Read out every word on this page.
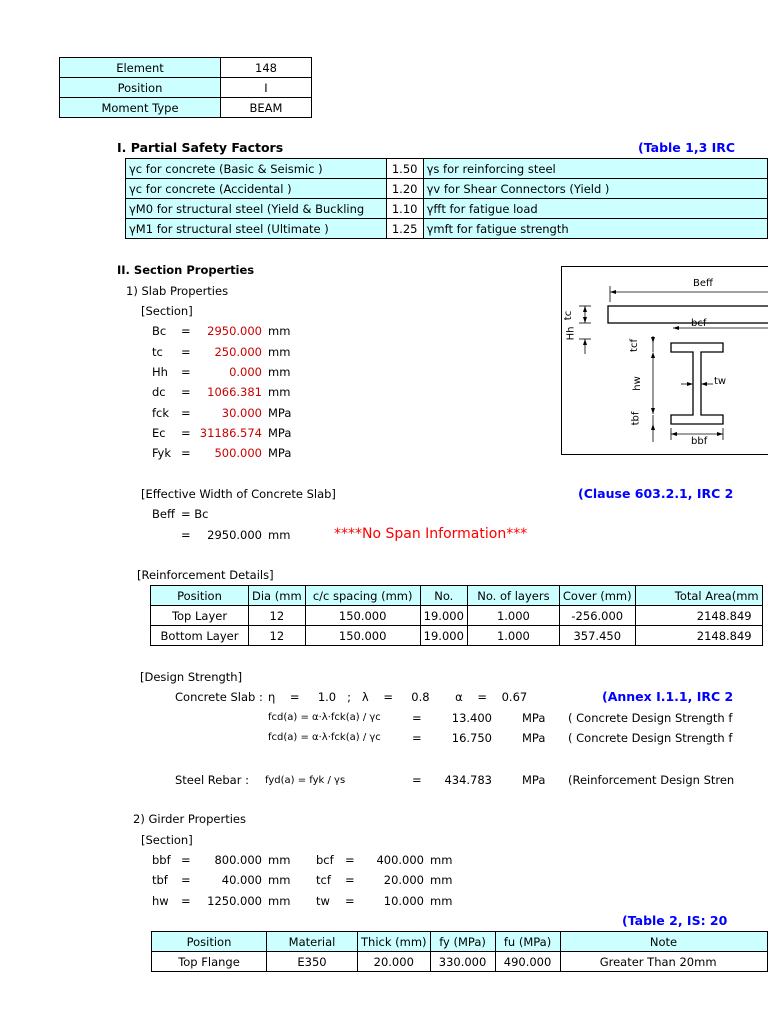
Element	148
Position	I
Moment Type	BEAM
I. Partial Safety Factors	(Table 1,3 IRC
γc for concrete (Basic & Seismic )	1.50	γs for reinforcing steel
γc for concrete (Accidental )	1.20	γv for Shear Connectors (Yield )
γM0 for structural steel (Yield & Buckling	1.10	γfft for fatigue load
γM1 for structural steel (Ultimate )	1.25	γmft for fatigue strength
II. Section Properties
1) Slab Properties
[Section]
Bc =	2950.000 mm
tc =	250.000 mm
Hh =	0.000 mm
dc =	1066.381 mm
fck =	30.000 MPa
Ec = 31186.574 MPa
Fyk =	500.000 MPa
Beff
bcf
tcf
hw
tbf
tw
bbf
tc
Hh
[Effective Width of Concrete Slab]	(Clause 603.2.1, IRC 2
Beff = Bc
=	2950.000 mm	****No Span Information***
[Reinforcement Details]
Position	Dia (mm	c/c spacing (mm)	No.	No. of layers	Cover (mm)	Total Area(mm
Top Layer	12	150.000	19.000	1.000	-256.000	2148.849
Bottom Layer	12	150.000	19.000	1.000	357.450	2148.849
[Design Strength]
Concrete Slab : η    =     1.0   ;   λ    =     0.8       α    =    0.67	(Annex I.1.1, IRC 2
fcd(a) = α⋅λ⋅fck(a) / γc	=	13.400	MPa ( Concrete Design Strength f
fcd(a) = α⋅λ⋅fck(a) / γc	=	16.750	MPa ( Concrete Design Strength f
Steel Rebar : fyd(a) = fyk / γs	=	434.783	MPa (Reinforcement Design Stren
2) Girder Properties
[Section]
bbf =	800.000 mm bcf =	400.000 mm
tbf =	40.000 mm tcf =	20.000 mm
hw =	1250.000 mm tw =	10.000 mm
(Table 2, IS: 20
Position	Material	Thick (mm)	fy (MPa)	fu (MPa)	Note
Top Flange	E350	20.000	330.000	490.000	Greater Than 20mm
